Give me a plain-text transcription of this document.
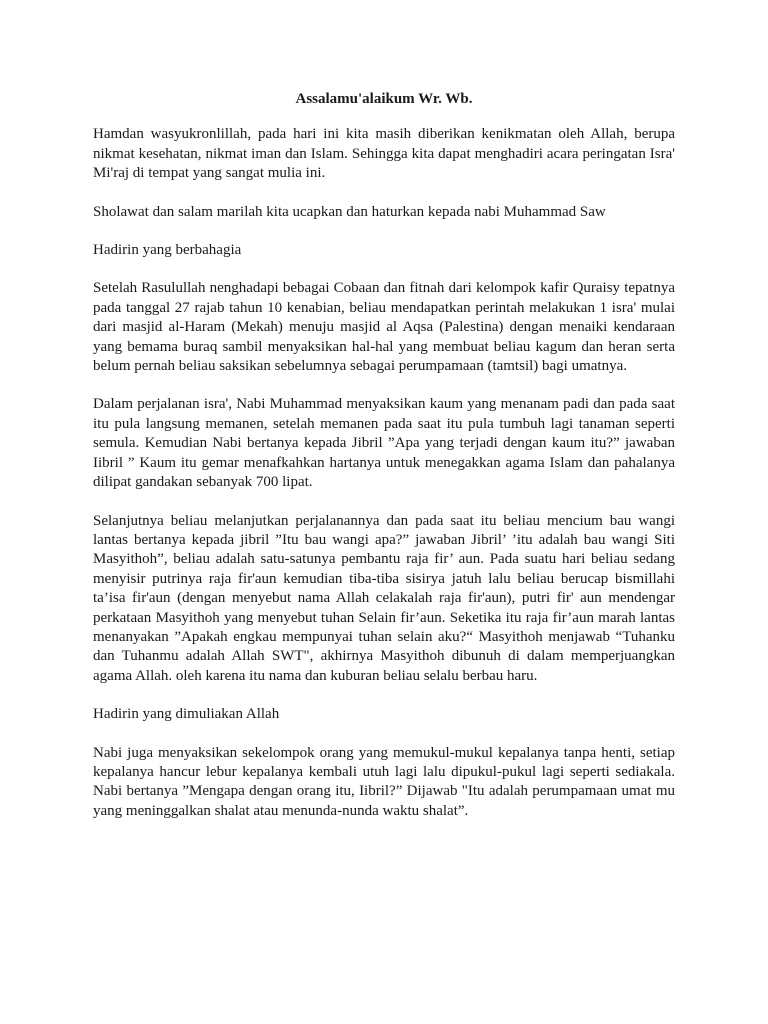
Assalamu'alaikum Wr. Wb.

Hamdan wasyukronlillah, pada hari ini kita masih diberikan kenikmatan oleh Allah, berupa nikmat kesehatan, nikmat iman dan Islam. Sehingga kita dapat menghadiri acara peringatan Isra' Mi'raj di tempat yang sangat mulia ini.

Sholawat dan salam marilah kita ucapkan dan haturkan kepada nabi Muhammad Saw

Hadirin yang berbahagia

Setelah Rasulullah nenghadapi bebagai Cobaan dan fitnah dari kelompok kafir Quraisy tepatnya pada tanggal 27 rajab tahun 10 kenabian, beliau mendapatkan perintah melakukan 1 isra' mulai dari masjid al-Haram (Mekah) menuju masjid al Aqsa (Palestina) dengan menaiki kendaraan yang bemama buraq sambil menyaksikan hal-hal yang membuat beliau kagum dan heran serta belum pernah beliau saksikan sebelumnya sebagai perumpamaan (tamtsil) bagi umatnya.

Dalam perjalanan isra', Nabi Muhammad menyaksikan kaum yang menanam padi dan pada saat itu pula langsung memanen, setelah memanen pada saat itu pula tumbuh lagi tanaman seperti semula. Kemudian Nabi bertanya kepada Jibril ”Apa yang terjadi dengan kaum itu?” jawaban Iibril ” Kaum itu gemar menafkahkan hartanya untuk menegakkan agama Islam dan pahalanya dilipat gandakan sebanyak 700 lipat.

Selanjutnya beliau melanjutkan perjalanannya dan pada saat itu beliau mencium bau wangi lantas bertanya kepada jibril ”Itu bau wangi apa?” jawaban Jibril’ ’itu adalah bau wangi Siti Masyithoh”, beliau adalah satu-satunya pembantu raja fir’ aun. Pada suatu hari beliau sedang menyisir putrinya raja fir'aun kemudian tiba-tiba sisirya jatuh lalu beliau berucap bismillahi ta’isa fir'aun (dengan menyebut nama Allah celakalah raja fir'aun), putri fir' aun mendengar perkataan Masyithoh yang menyebut tuhan Selain fir’aun. Seketika itu raja fir’aun marah lantas menanyakan ”Apakah engkau mempunyai tuhan selain aku?“ Masyithoh menjawab “Tuhanku dan Tuhanmu adalah Allah SWT", akhirnya Masyithoh dibunuh di dalam memperjuangkan agama Allah. oleh karena itu nama dan kuburan beliau selalu berbau haru.

Hadirin yang dimuliakan Allah

Nabi juga menyaksikan sekelompok orang yang memukul-mukul kepalanya tanpa henti, setiap kepalanya hancur lebur kepalanya kembali utuh lagi lalu dipukul-pukul lagi seperti sediakala. Nabi bertanya ”Mengapa dengan orang itu, Iibril?” Dijawab "Itu adalah perumpamaan umat mu yang meninggalkan shalat atau menunda-nunda waktu shalat”.
